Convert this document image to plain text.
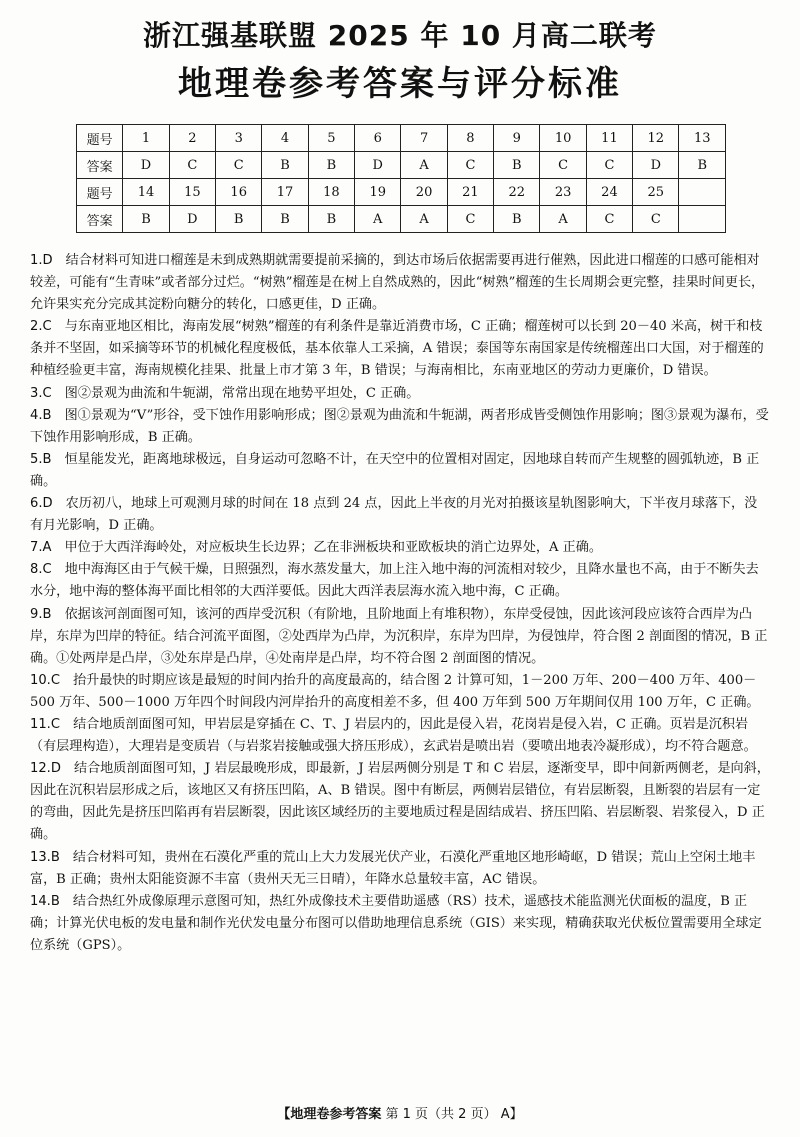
浙江强基联盟 2025 年 10 月高二联考
地理卷参考答案与评分标准
题号	1	2	3	4	5	6	7	8	9	10	11	12	13
答案	D	C	C	B	B	D	A	C	B	C	C	D	B
题号	14	15	16	17	18	19	20	21	22	23	24	25	
答案	B	D	B	B	B	A	A	C	B	A	C	C	

1.D　 结合材料可知进口榴莲是未到成熟期就需要提前采摘的，到达市场后依据需要再进行催熟，因此进口榴莲的口感可能相对较差，可能有“生青味”或者部分过烂。“树熟”榴莲是在树上自然成熟的，因此“树熟”榴莲的生长周期会更完整，挂果时间更长，允许果实充分完成其淀粉向糖分的转化，口感更佳，D 正确。

2.C　 与东南亚地区相比，海南发展“树熟”榴莲的有利条件是靠近消费市场，C 正确；榴莲树可以长到 20－40 米高，树干和枝条并不坚固，如采摘等环节的机械化程度极低，基本依靠人工采摘，A 错误；泰国等东南国家是传统榴莲出口大国，对于榴莲的种植经验更丰富，海南规模化挂果、批量上市才第 3 年，B 错误；与海南相比，东南亚地区的劳动力更廉价，D 错误。

3.C　 图②景观为曲流和牛轭湖，常常出现在地势平坦处，C 正确。

4.B　 图①景观为“V”形谷，受下蚀作用影响形成；图②景观为曲流和牛轭湖，两者形成皆受侧蚀作用影响；图③景观为瀑布，受下蚀作用影响形成，B 正确。

5.B　 恒星能发光，距离地球极远，自身运动可忽略不计，在天空中的位置相对固定，因地球自转而产生规整的圆弧轨迹，B 正确。

6.D　 农历初八，地球上可观测月球的时间在 18 点到 24 点，因此上半夜的月光对拍摄该星轨图影响大，下半夜月球落下，没有月光影响，D 正确。

7.A　 甲位于大西洋海岭处，对应板块生长边界；乙在非洲板块和亚欧板块的消亡边界处，A 正确。

8.C　 地中海海区由于气候干燥，日照强烈，海水蒸发量大，加上注入地中海的河流相对较少，且降水量也不高，由于不断失去水分，地中海的整体海平面比相邻的大西洋要低。因此大西洋表层海水流入地中海，C 正确。

9.B　 依据该河剖面图可知，该河的西岸受沉积（有阶地，且阶地面上有堆积物），东岸受侵蚀，因此该河段应该符合西岸为凸岸，东岸为凹岸的特征。结合河流平面图，②处西岸为凸岸，为沉积岸，东岸为凹岸，为侵蚀岸，符合图 2 剖面图的情况，B 正确。①处两岸是凸岸，③处东岸是凸岸，④处南岸是凸岸，均不符合图 2 剖面图的情况。

10.C　 抬升最快的时期应该是最短的时间内抬升的高度最高的，结合图 2 计算可知，1－200 万年、200－400 万年、400－500 万年、500－1000 万年四个时间段内河岸抬升的高度相差不多，但 400 万年到 500 万年期间仅用 100 万年，C 正确。

11.C　 结合地质剖面图可知，甲岩层是穿插在 C、T、J 岩层内的，因此是侵入岩，花岗岩是侵入岩，C 正确。页岩是沉积岩（有层理构造），大理岩是变质岩（与岩浆岩接触或强大挤压形成），玄武岩是喷出岩（要喷出地表冷凝形成），均不符合题意。

12.D　 结合地质剖面图可知，J 岩层最晚形成，即最新，J 岩层两侧分别是 T 和 C 岩层，逐渐变早，即中间新两侧老，是向斜，因此在沉积岩层形成之后，该地区又有挤压凹陷，A、B 错误。图中有断层，两侧岩层错位，有岩层断裂，且断裂的岩层有一定的弯曲，因此先是挤压凹陷再有岩层断裂，因此该区域经历的主要地质过程是固结成岩、挤压凹陷、岩层断裂、岩浆侵入，D 正确。

13.B　 结合材料可知，贵州在石漠化严重的荒山上大力发展光伏产业，石漠化严重地区地形崎岖，D 错误；荒山上空闲土地丰富，B 正确；贵州太阳能资源不丰富（贵州天无三日晴），年降水总量较丰富，AC 错误。

14.B　 结合热红外成像原理示意图可知，热红外成像技术主要借助遥感（RS）技术，遥感技术能监测光伏面板的温度，B 正确；计算光伏电板的发电量和制作光伏发电量分布图可以借助地理信息系统（GIS）来实现，精确获取光伏板位置需要用全球定位系统（GPS）。

【地理卷参考答案 第 1 页（共 2 页） A】
